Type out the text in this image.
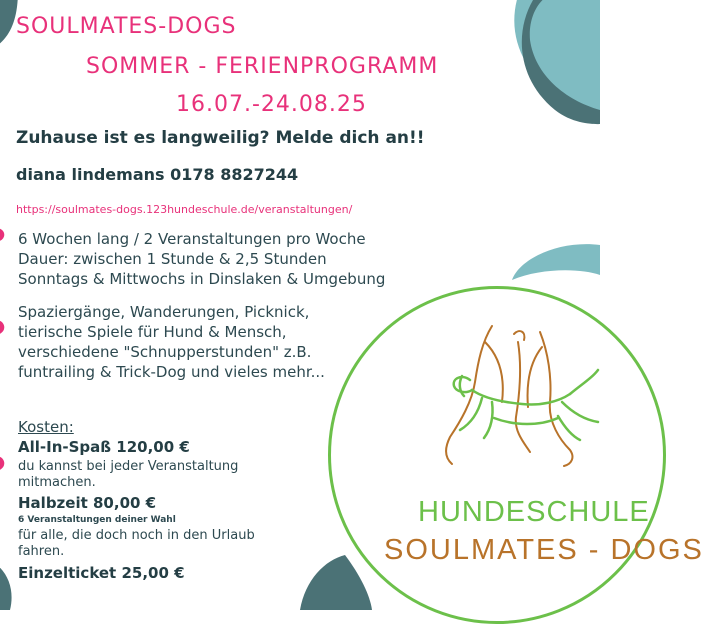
SOULMATES-DOGS
SOMMER - FERIENPROGRAMM
16.07.-24.08.25
Zuhause ist es langweilig? Melde dich an!!
diana lindemans 0178 8827244
https://soulmates-dogs.123hundeschule.de/veranstaltungen/
6 Wochen lang / 2 Veranstaltungen pro Woche
Dauer: zwischen 1 Stunde & 2,5 Stunden
Sonntags & Mittwochs in Dinslaken & Umgebung
Spaziergänge, Wanderungen, Picknick, tierische Spiele für Hund & Mensch, verschiedene "Schnupperstunden" z.B. funtrailing & Trick-Dog und vieles mehr...
Kosten:
All-In-Spaß 120,00 €
du kannst bei jeder Veranstaltung mitmachen.
Halbzeit 80,00 €
6 Veranstaltungen deiner Wahl
für alle, die doch noch in den Urlaub fahren.
Einzelticket 25,00 €
HUNDESCHULE
SOULMATES - DOGS
